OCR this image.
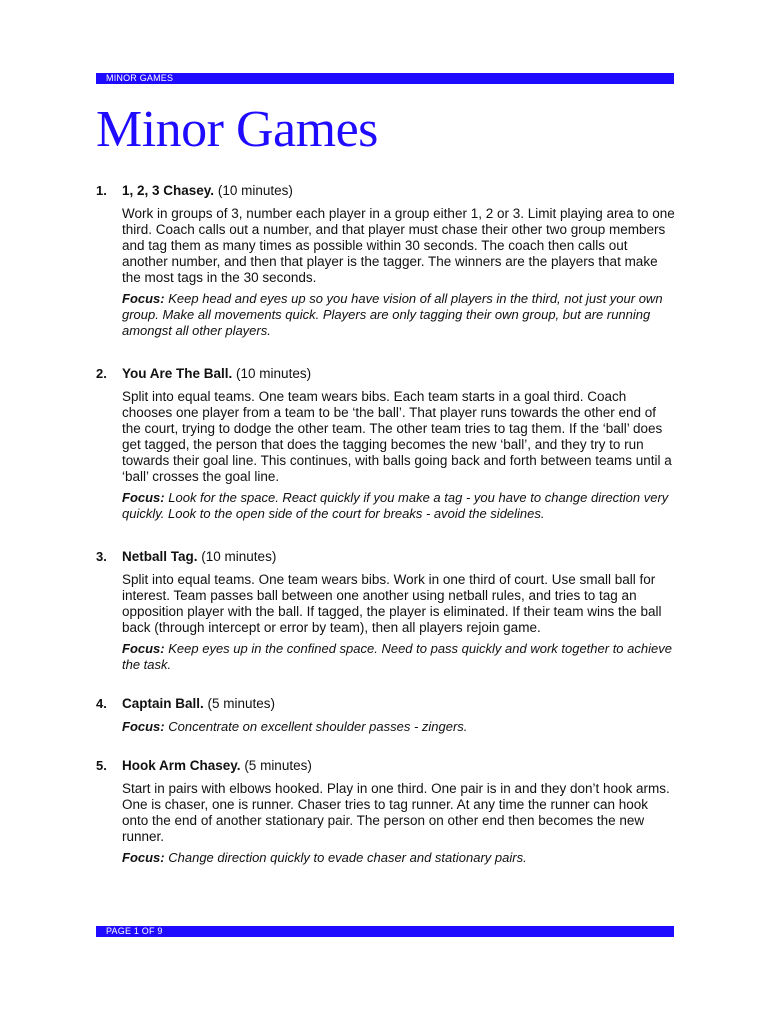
MINOR GAMES
Minor Games
1. 1, 2, 3 Chasey. (10 minutes)

Work in groups of 3, number each player in a group either 1, 2 or 3. Limit playing area to one third. Coach calls out a number, and that player must chase their other two group members and tag them as many times as possible within 30 seconds. The coach then calls out another number, and then that player is the tagger. The winners are the players that make the most tags in the 30 seconds.

Focus: Keep head and eyes up so you have vision of all players in the third, not just your own group. Make all movements quick. Players are only tagging their own group, but are running amongst all other players.

2. You Are The Ball. (10 minutes)

Split into equal teams. One team wears bibs. Each team starts in a goal third. Coach chooses one player from a team to be ‘the ball’. That player runs towards the other end of the court, trying to dodge the other team. The other team tries to tag them. If the ‘ball’ does get tagged, the person that does the tagging becomes the new ‘ball’, and they try to run towards their goal line. This continues, with balls going back and forth between teams until a ‘ball’ crosses the goal line.

Focus: Look for the space. React quickly if you make a tag - you have to change direction very quickly. Look to the open side of the court for breaks - avoid the sidelines.

3. Netball Tag. (10 minutes)

Split into equal teams. One team wears bibs. Work in one third of court. Use small ball for interest. Team passes ball between one another using netball rules, and tries to tag an opposition player with the ball. If tagged, the player is eliminated. If their team wins the ball back (through intercept or error by team), then all players rejoin game.

Focus: Keep eyes up in the confined space. Need to pass quickly and work together to achieve the task.

4. Captain Ball. (5 minutes)

Focus: Concentrate on excellent shoulder passes - zingers.

5. Hook Arm Chasey. (5 minutes)

Start in pairs with elbows hooked. Play in one third. One pair is in and they don’t hook arms. One is chaser, one is runner. Chaser tries to tag runner. At any time the runner can hook onto the end of another stationary pair. The person on other end then becomes the new runner.

Focus: Change direction quickly to evade chaser and stationary pairs.

PAGE 1 OF 9
